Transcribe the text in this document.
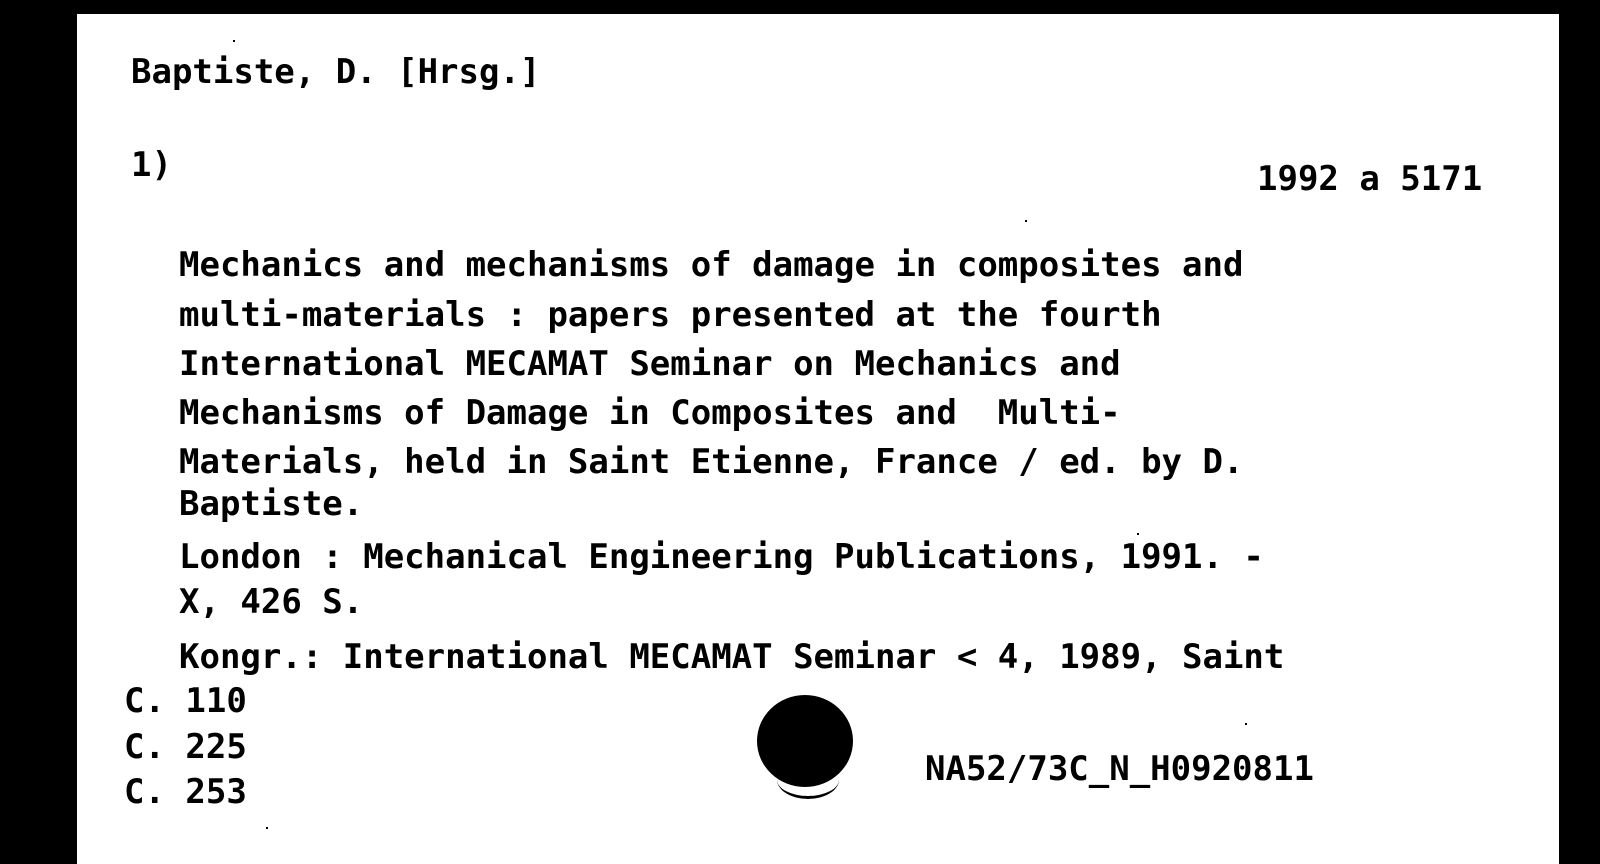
Baptiste, D. [Hrsg.]

1)	1992 a 5171

Mechanics and mechanisms of damage in composites and

multi-materials : papers presented at the fourth

International MECAMAT Seminar on Mechanics and

Mechanisms of Damage in Composites and  Multi-

Materials, held in Saint Etienne, France / ed. by D.

Baptiste.

London : Mechanical Engineering Publications, 1991. -

X, 426 S.

Kongr.: International MECAMAT Seminar < 4, 1989, Saint

C. 110

C. 225

C. 253

NA52/73C_N_H0920811
